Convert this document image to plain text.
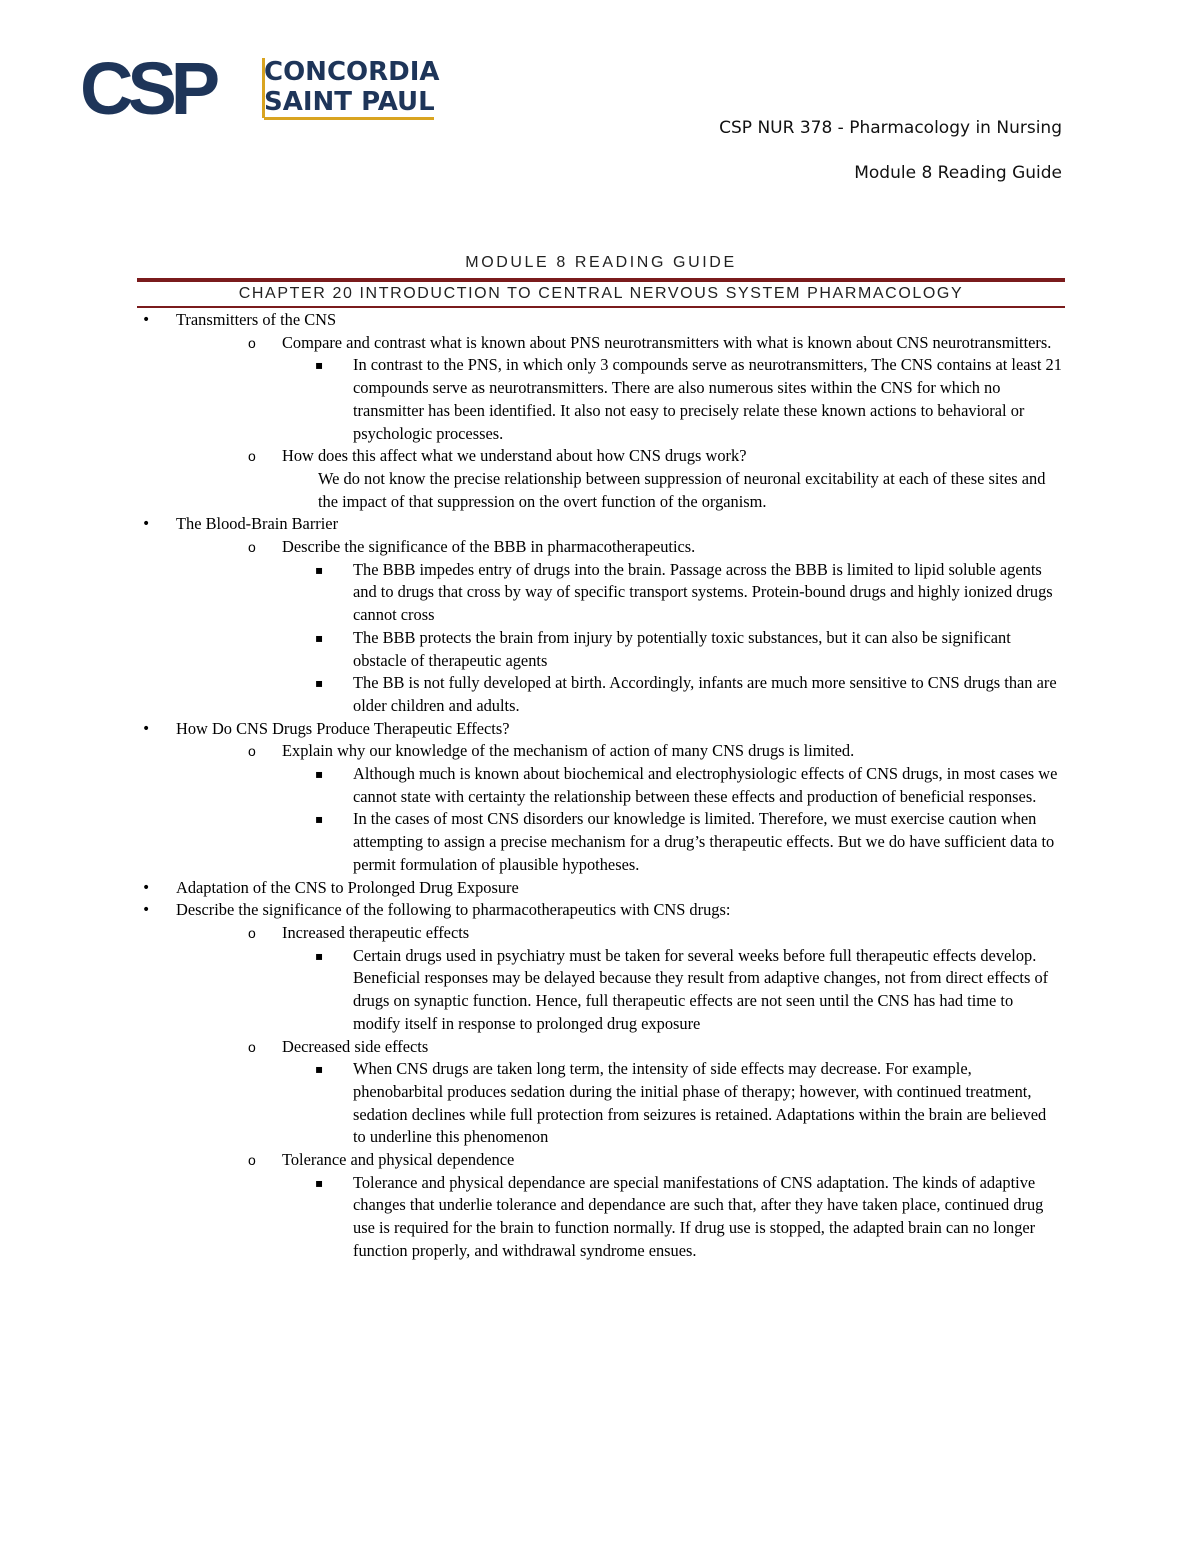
CSP CONCORDIA
SAINT PAUL
CSP NUR 378 - Pharmacology in Nursing
Module 8 Reading Guide
MODULE 8 READING GUIDE
CHAPTER 20 INTRODUCTION TO CENTRAL NERVOUS SYSTEM PHARMACOLOGY
• Transmitters of the CNS
o Compare and contrast what is known about PNS neurotransmitters with what is known about CNS neurotransmitters.
▪ In contrast to the PNS, in which only 3 compounds serve as neurotransmitters, The CNS contains at least 21 compounds serve as neurotransmitters. There are also numerous sites within the CNS for which no transmitter has been identified. It also not easy to precisely relate these known actions to behavioral or psychologic processes.
o How does this affect what we understand about how CNS drugs work?
We do not know the precise relationship between suppression of neuronal excitability at each of these sites and the impact of that suppression on the overt function of the organism.
• The Blood-Brain Barrier
o Describe the significance of the BBB in pharmacotherapeutics.
▪ The BBB impedes entry of drugs into the brain. Passage across the BBB is limited to lipid soluble agents and to drugs that cross by way of specific transport systems. Protein-bound drugs and highly ionized drugs cannot cross
▪ The BBB protects the brain from injury by potentially toxic substances, but it can also be significant obstacle of therapeutic agents
▪ The BB is not fully developed at birth. Accordingly, infants are much more sensitive to CNS drugs than are older children and adults.
• How Do CNS Drugs Produce Therapeutic Effects?
o Explain why our knowledge of the mechanism of action of many CNS drugs is limited.
▪ Although much is known about biochemical and electrophysiologic effects of CNS drugs, in most cases we cannot state with certainty the relationship between these effects and production of beneficial responses.
▪ In the cases of most CNS disorders our knowledge is limited. Therefore, we must exercise caution when attempting to assign a precise mechanism for a drug’s therapeutic effects. But we do have sufficient data to permit formulation of plausible hypotheses.
• Adaptation of the CNS to Prolonged Drug Exposure
• Describe the significance of the following to pharmacotherapeutics with CNS drugs:
o Increased therapeutic effects
▪ Certain drugs used in psychiatry must be taken for several weeks before full therapeutic effects develop. Beneficial responses may be delayed because they result from adaptive changes, not from direct effects of drugs on synaptic function. Hence, full therapeutic effects are not seen until the CNS has had time to modify itself in response to prolonged drug exposure
o Decreased side effects
▪ When CNS drugs are taken long term, the intensity of side effects may decrease. For example, phenobarbital produces sedation during the initial phase of therapy; however, with continued treatment, sedation declines while full protection from seizures is retained. Adaptations within the brain are believed to underline this phenomenon
o Tolerance and physical dependence
▪ Tolerance and physical dependance are special manifestations of CNS adaptation. The kinds of adaptive changes that underlie tolerance and dependance are such that, after they have taken place, continued drug use is required for the brain to function normally. If drug use is stopped, the adapted brain can no longer function properly, and withdrawal syndrome ensues.
